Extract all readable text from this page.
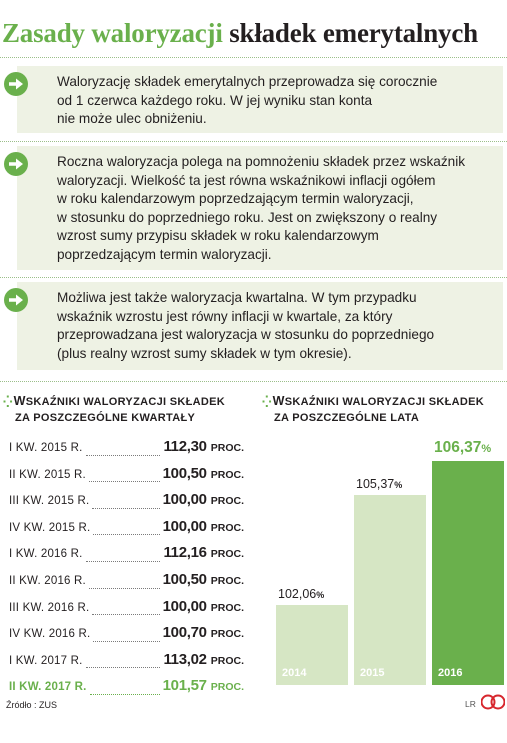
Zasady waloryzacji składek emerytalnych
Waloryzację składek emerytalnych przeprowadza się corocznie
od 1 czerwca każdego roku. W jej wyniku stan konta
nie może ulec obniżeniu.
Roczna waloryzacja polega na pomnożeniu składek przez wskaźnik
waloryzacji. Wielkość ta jest równa wskaźnikowi inflacji ogółem
w roku kalendarzowym poprzedzającym termin waloryzacji,
w stosunku do poprzedniego roku. Jest on zwiększony o realny
wzrost sumy przypisu składek w roku kalendarzowym
poprzedzającym termin waloryzacji.
Możliwa jest także waloryzacja kwartalna. W tym przypadku
wskaźnik wzrostu jest równy inflacji w kwartale, za który
przeprowadzana jest waloryzacja w stosunku do poprzedniego
(plus realny wzrost sumy składek w tym okresie).
⁛ WSKAŹNIKI WALORYZACJI SKŁADEK
ZA POSZCZEGÓLNE KWARTAŁY
I KW. 2015 R.	112,30 PROC.
II KW. 2015 R.	100,50 PROC.
III KW. 2015 R.	100,00 PROC.
IV KW. 2015 R.	100,00 PROC.
I KW. 2016 R.	112,16 PROC.
II KW. 2016 R.	100,50 PROC.
III KW. 2016 R.	100,00 PROC.
IV KW. 2016 R.	100,70 PROC.
I KW. 2017 R.	113,02 PROC.
II KW. 2017 R.	101,57 PROC.
⁛ WSKAŹNIKI WALORYZACJI SKŁADEK
ZA POSZCZEGÓLNE LATA
2014
102,06%
2015
105,37%
2016
106,37%
Źródło : ZUS	LR
